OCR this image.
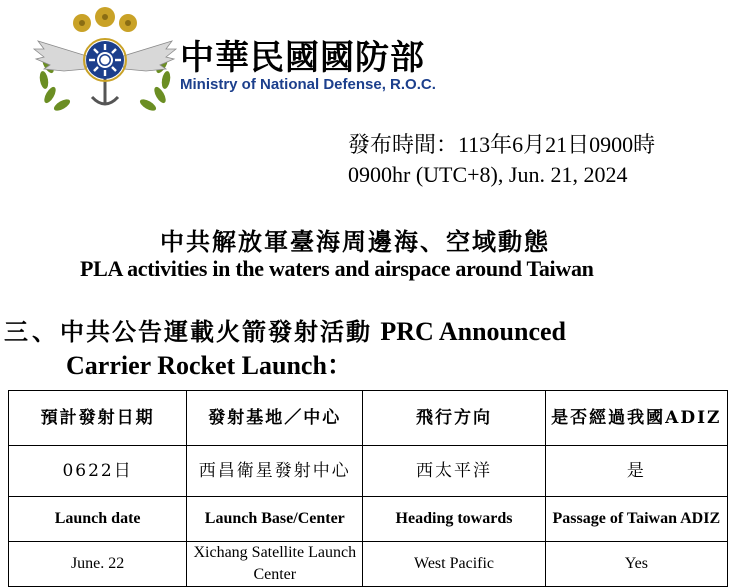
中華民國國防部
Ministry of National Defense, R.O.C.
發布時間：113年6月21日0900時
0900hr (UTC+8), Jun. 21, 2024
中共解放軍臺海周邊海、空域動態
PLA activities in the waters and airspace around Taiwan
三、中共公告運載火箭發射活動 PRC Announced
Carrier Rocket Launch：
預計發射日期	發射基地／中心	飛行方向	是否經過我國ADIZ
0622日	西昌衛星發射中心	西太平洋	是
Launch date	Launch Base/Center	Heading towards	Passage of Taiwan ADIZ
June. 22	Xichang Satellite Launch Center	West Pacific	Yes
